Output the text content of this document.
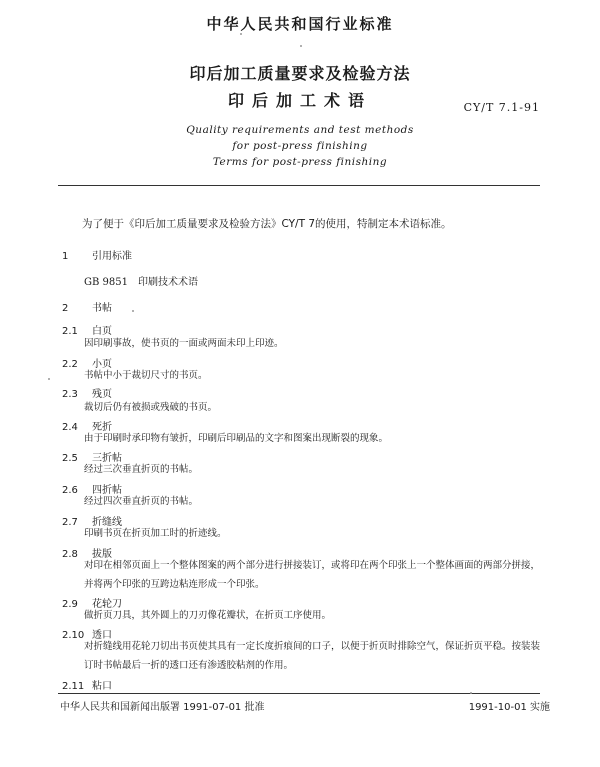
中华人民共和国行业标准
印后加工质量要求及检验方法
印后加工术语	CY/T 7.1-91
Quality requirements and test methods
for post-press finishing
Terms for post-press finishing
为了便于《印后加工质量要求及检验方法》CY/T 7的使用，特制定本术语标准。
1 引用标准
GB 9851 印刷技术术语
2 书帖
2.1 白页
因印刷事故，使书页的一面或两面未印上印迹。
2.2 小页
书帖中小于裁切尺寸的书页。
2.3 残页
裁切后仍有被损或残破的书页。
2.4 死折
由于印刷时承印物有皱折，印刷后印刷品的文字和图案出现断裂的现象。
2.5 三折帖
经过三次垂直折页的书帖。
2.6 四折帖
经过四次垂直折页的书帖。
2.7 折缝线
印刷书页在折页加工时的折迹线。
2.8 拔版
对印在相邻页面上一个整体图案的两个部分进行拼接装订，或将印在两个印张上一个整体画面的两部分拼接，并将两个印张的互跨边粘连形成一个印张。
2.9 花轮刀
做折页刀具，其外圆上的刀刃像花瓣状，在折页工序使用。
2.10 透口
对折缝线用花轮刀切出书页使其具有一定长度折痕间的口子，以便于折页时排除空气，保证折页平稳。按装装订时书帖最后一折的透口还有渗透胶粘剂的作用。
2.11 粘口
中华人民共和国新闻出版署 1991-07-01 批准	1991-10-01 实施
